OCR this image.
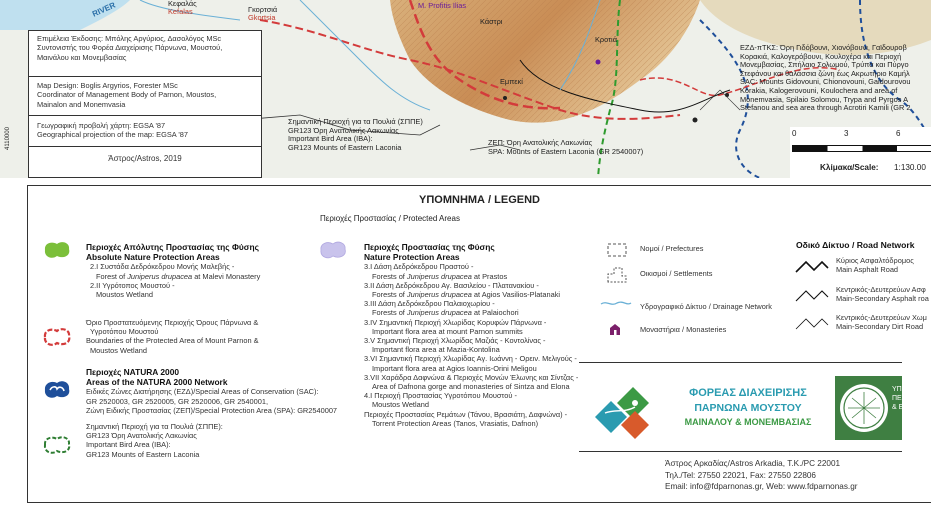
RIVER	Κεφαλάς
Kefalas	Γκορτσιά
Gkortsia
M. Profitis Ilias
Κροτιά
Εμπεκί
Κάστρι

Επιμέλεια Έκδοσης: Μπόλης Αργύριος, Δασολόγος MSc

Συντονιστής του Φορέα Διαχείρισης Πάρνωνα, Μουστού,

Μαινάλου και Μονεμβασίας

Map Design: Boglis Argyrios, Forester MSc

Coordinator of Management Body of Parnon, Moustos,

Mainalon and Monemvasia

Γεωγραφική προβολή χάρτη: EGSA '87

Geographical projection of the map: EGSA '87

Άστρος/Astros, 2019
4110000
Σημαντική Περιοχή για τα Πουλιά (ΣΠΠΕ)
GR123 Όρη Ανατολικής Λακωνίας
Important Bird Area (IBA):
GR123 Mounts of Eastern Laconia
ΖΕΠ: Όρη Ανατολικής Λακωνίας
SPA: Mounts of Eastern Laconia (GR 2540007)
ΕΖΔ-πΤΚΣ: Όρη Γιδόβουνι, Χιονόβουνι, Γαϊδουροβ
Κορακιά, Καλογερόβουνι, Κουλοχέρα και Περιοχή
Μονεμβασίας, Σπήλαιο Σολωμού, Τρύπα και Πύργο
Στεφάνου και θαλάσσια ζώνη έως Ακρωτήριο Καμήλ
SAC: Mounts Gidovouni, Chionovouni, Gaidourovou
Korakia, Kalogerovouni, Koulochera and area of
Monemvasia, Spilaio Solomou, Trypa and Pyrgos A
Stefanou and sea area through Acrotiri Kamili (GR 2
0	3	6
Κλίμακα/Scale: 1:130.00
ΥΠΟΜΝΗΜΑ / LEGEND
Περιοχές Προστασίας / Protected Areas
Περιοχές Απόλυτης Προστασίας της Φύσης
Absolute Nature Protection Areas
2.Ι Συστάδα Δεδρόκεδρου Μονής Μαλεβής -
Forest of Juniperus drupacea at Malevi Monastery
2.ΙΙ Υγρότοπος Μουστού -
Moustos Wetland
Όριο Προστατευόμενης Περιοχής Όρους Πάρνωνα &
Υγροτόπου Μουστού
Boundaries of the Protected Area of Mount Parnon &
Moustos Wetland
Περιοχές NATURA 2000
Areas of the NATURA 2000 Network
Ειδικές Ζώνες Διατήρησης (ΕΖΔ)/Special Areas of Conservation (SAC):
GR 2520003, GR 2520005, GR 2520006, GR 2540001,
Ζώνη Ειδικής Προστασίας (ΖΕΠ)/Special Protection Area (SPA): GR2540007
Σημαντική Περιοχή για τα Πουλιά (ΣΠΠΕ):
GR123 Όρη Ανατολικής Λακωνίας
Important Bird Area (IBA):
GR123 Mounts of Eastern Laconia
Περιοχές Προστασίας της Φύσης
Nature Protection Areas
3.Ι Δάση Δεδρόκεδρου Πραστού -
Forests of Juniperus drupacea at Prastos
3.ΙΙ Δάση Δεδρόκεδρου Αγ. Βασιλείου - Πλατανακίου -
Forests of Juniperus drupacea at Agios Vasilios-Platanaki
3.ΙΙΙ Δάση Δεδρόκεδρου Παλαιοχωρίου -
Forests of Juniperus drupacea at Palaiochori
3.IV Σημαντική Περιοχή Χλωρίδας Κορυφών Πάρνωνα -
Important flora area at mount Parnon summits
3.V Σημαντική Περιοχή Χλωρίδας Μαζιάς - Κοντολίνας -
Important flora area at Mazia-Kontolina
3.VI Σημαντική Περιοχή Χλωρίδας Αγ. Ιωάννη - Ορειν. Μελιγούς -
Important flora area at Agios Ioannis-Orini Meligou
3.VII Χαράδρα Δαφνώνα & Περιοχές Μονών Έλωνης και Σίντζας -
Area of Dafnona gorge and monasteries of Sintza and Elona
4.Ι Περιοχή Προστασίας Υγροτόπου Μουστού -
Moustos Wetland
Περιοχές Προστασίας Ρεμάτων (Τάνου, Βρασιάτη, Δαφνώνα) -
Torrent Protection Areas (Tanos, Vrasiatis, Dafnon)
Νομοί / Prefectures
Οικισμοί / Settlements
Υδρογραφικό Δίκτυο / Drainage Network
Μοναστήρια / Monasteries
Οδικό Δίκτυο / Road Network
Κύριος Ασφαλτόδρομος
Main Asphalt Road
Κεντρικός-Δευτερεύων Ασφ
Main-Secondary Asphalt roa
Κεντρικός-Δευτερεύων Χωμ
Main-Secondary Dirt Road
ΦΟΡΕΑΣ ΔΙΑΧΕΙΡΙΣΗΣ
ΠΑΡΝΩΝΑ ΜΟΥΣΤΟΥ
ΜΑΙΝΑΛΟΥ & ΜΟΝΕΜΒΑΣΙΑΣ
ΥΠΟΥΡΓ
ΠΕΡΙΒΑ
& ΕΝΕΡΓ
Άστρος Αρκαδίας/Astros Arkadia, Τ.Κ./PC 22001
Τηλ./Tel: 27550 22021, Fax: 27550 22806
Email: info@fdparnonas.gr, Web: www.fdparnonas.gr
